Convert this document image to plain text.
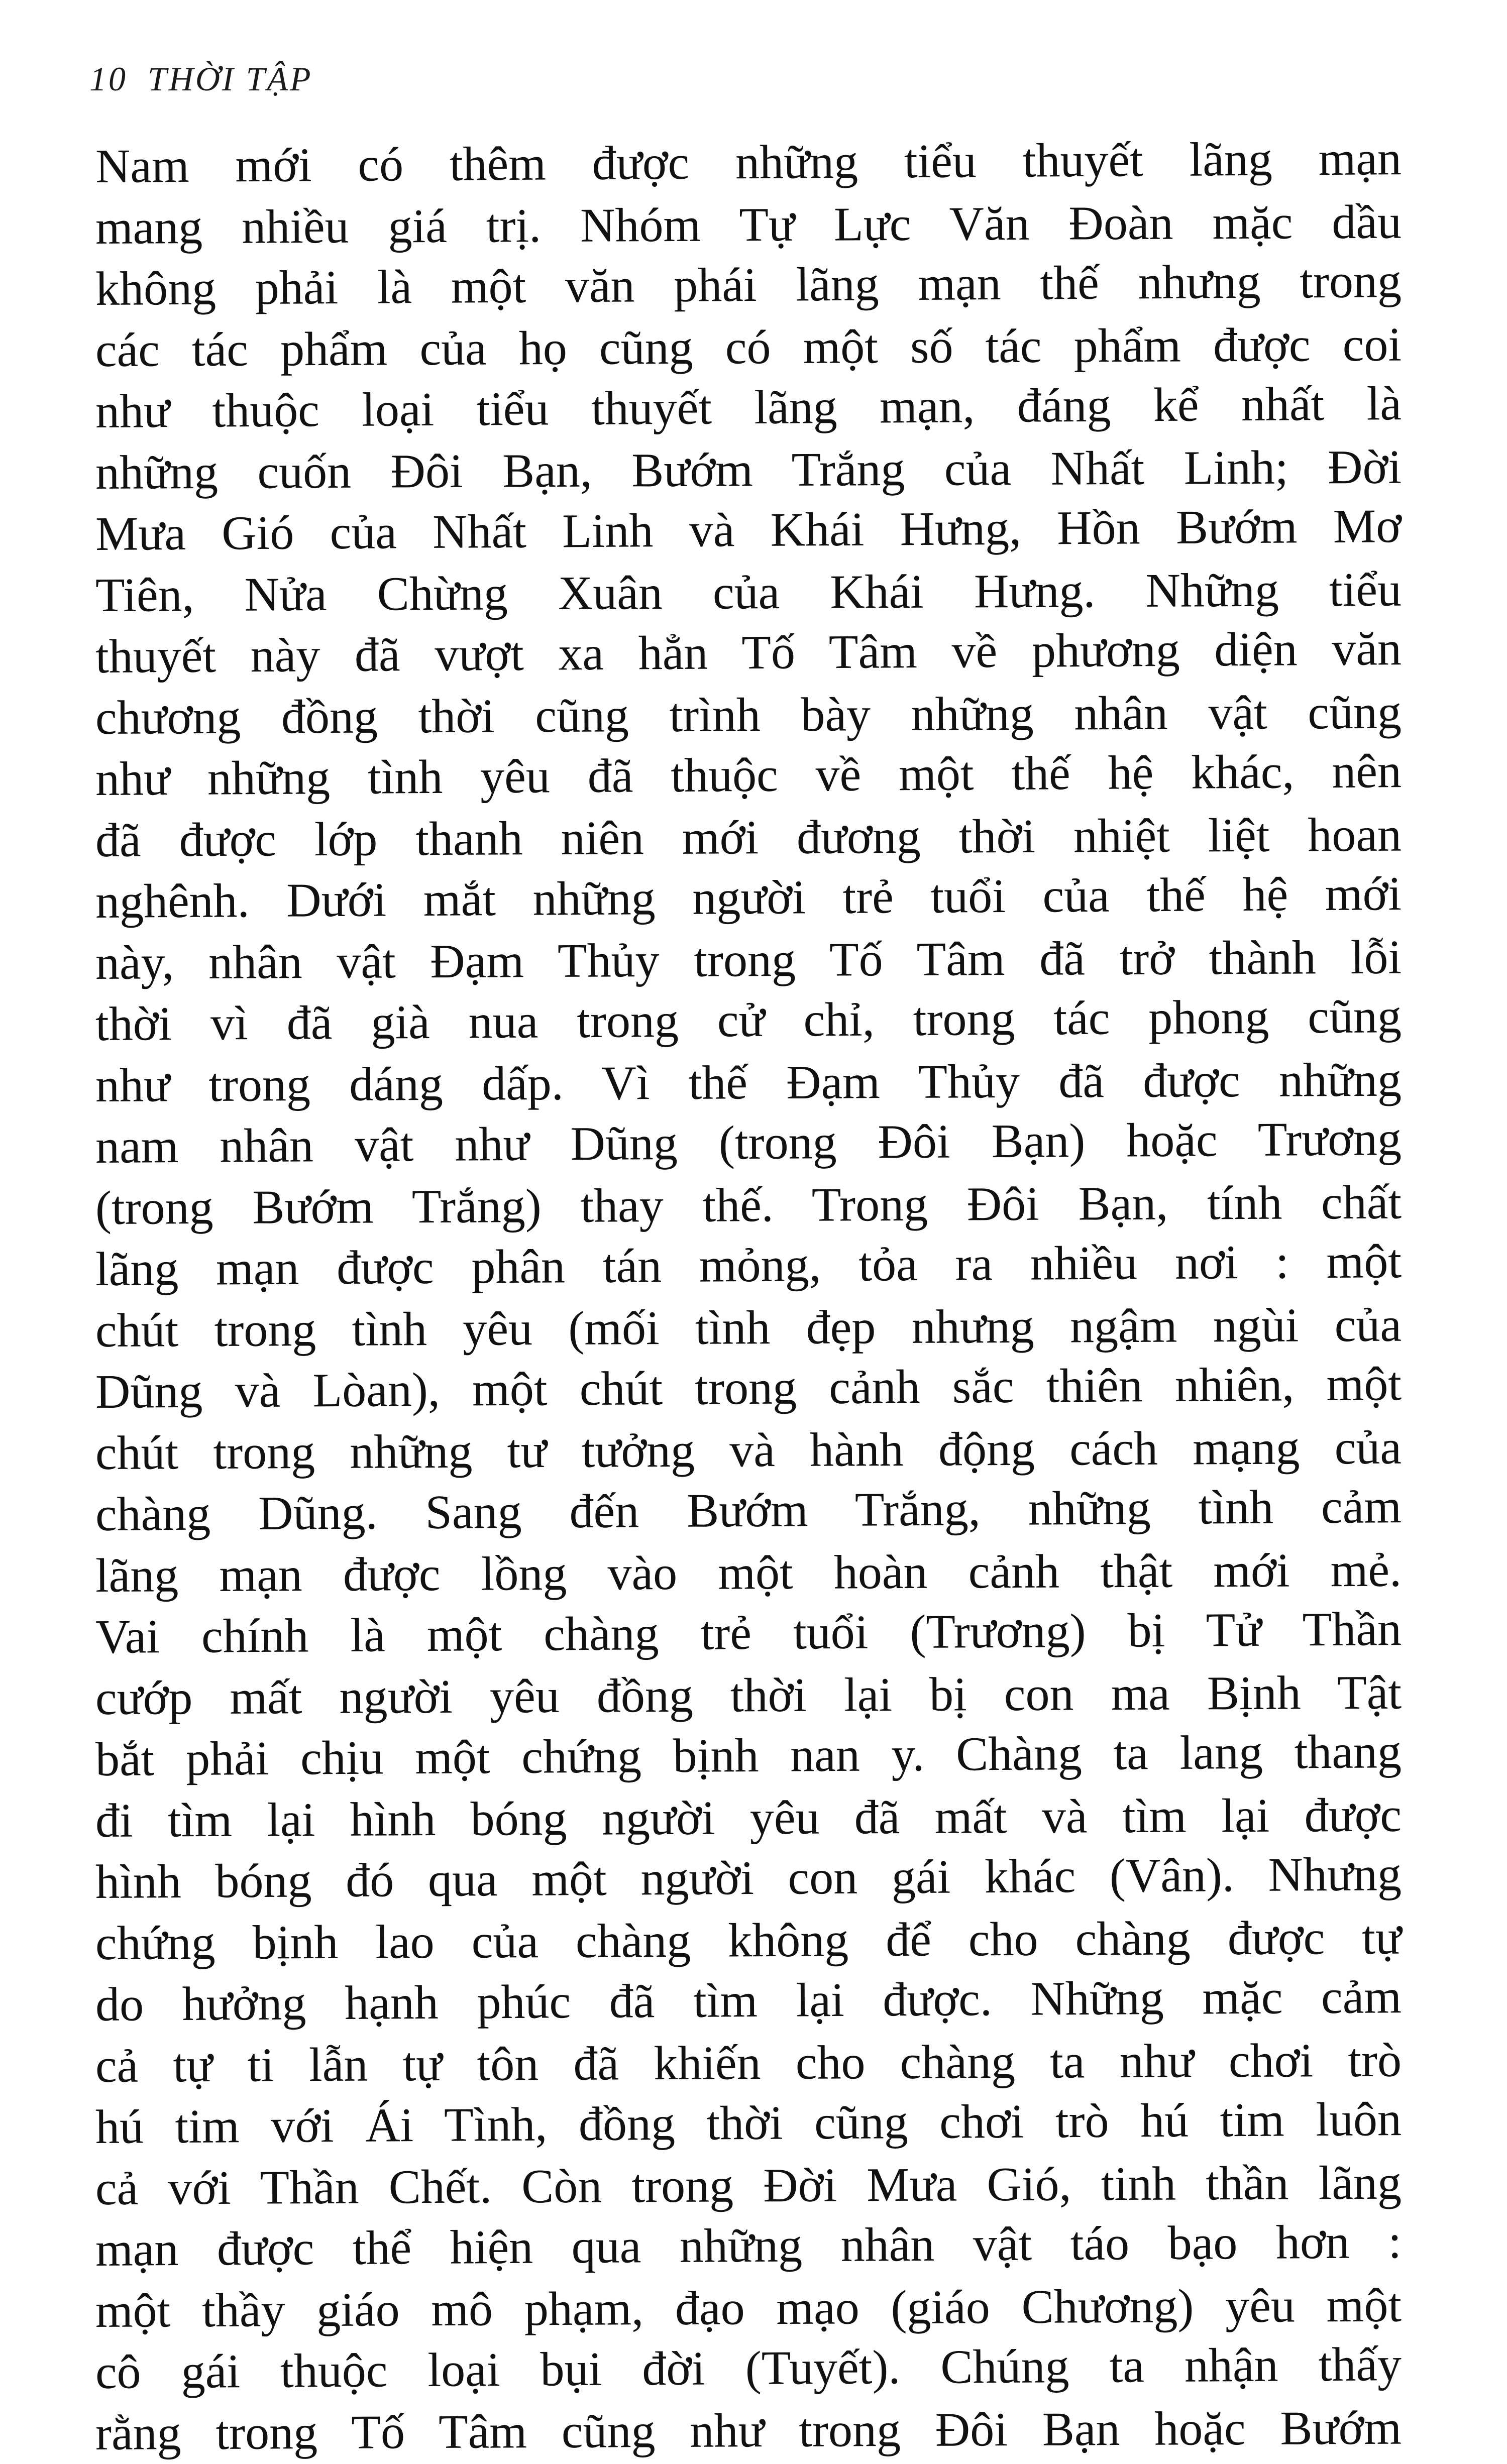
10 THỜI TẬP
Nam mới có thêm được những tiểu thuyết lãng mạn
mang nhiều giá trị. Nhóm Tự Lực Văn Đoàn mặc dầu
không phải là một văn phái lãng mạn thế nhưng trong
các tác phẩm của họ cũng có một số tác phẩm được coi
như thuộc loại tiểu thuyết lãng mạn, đáng kể nhất là
những cuốn Đôi Bạn, Bướm Trắng của Nhất Linh; Đời
Mưa Gió của Nhất Linh và Khái Hưng, Hồn Bướm Mơ
Tiên, Nửa Chừng Xuân của Khái Hưng. Những tiểu
thuyết này đã vượt xa hẳn Tố Tâm về phương diện văn
chương đồng thời cũng trình bày những nhân vật cũng
như những tình yêu đã thuộc về một thế hệ khác, nên
đã được lớp thanh niên mới đương thời nhiệt liệt hoan
nghênh. Dưới mắt những người trẻ tuổi của thế hệ mới
này, nhân vật Đạm Thủy trong Tố Tâm đã trở thành lỗi
thời vì đã già nua trong cử chỉ, trong tác phong cũng
như trong dáng dấp. Vì thế Đạm Thủy đã được những
nam nhân vật như Dũng (trong Đôi Bạn) hoặc Trương
(trong Bướm Trắng) thay thế. Trong Đôi Bạn, tính chất
lãng mạn được phân tán mỏng, tỏa ra nhiều nơi : một
chút trong tình yêu (mối tình đẹp nhưng ngậm ngùi của
Dũng và Lòan), một chút trong cảnh sắc thiên nhiên, một
chút trong những tư tưởng và hành động cách mạng của
chàng Dũng. Sang đến Bướm Trắng, những tình cảm
lãng mạn được lồng vào một hoàn cảnh thật mới mẻ.
Vai chính là một chàng trẻ tuổi (Trương) bị Tử Thần
cướp mất người yêu đồng thời lại bị con ma Bịnh Tật
bắt phải chịu một chứng bịnh nan y. Chàng ta lang thang
đi tìm lại hình bóng người yêu đã mất và tìm lại được
hình bóng đó qua một người con gái khác (Vân). Nhưng
chứng bịnh lao của chàng không để cho chàng được tự
do hưởng hạnh phúc đã tìm lại được. Những mặc cảm
cả tự ti lẫn tự tôn đã khiến cho chàng ta như chơi trò
hú tim với Ái Tình, đồng thời cũng chơi trò hú tim luôn
cả với Thần Chết. Còn trong Đời Mưa Gió, tinh thần lãng
mạn được thể hiện qua những nhân vật táo bạo hơn :
một thầy giáo mô phạm, đạo mạo (giáo Chương) yêu một
cô gái thuộc loại bụi đời (Tuyết). Chúng ta nhận thấy
rằng trong Tố Tâm cũng như trong Đôi Bạn hoặc Bướm
